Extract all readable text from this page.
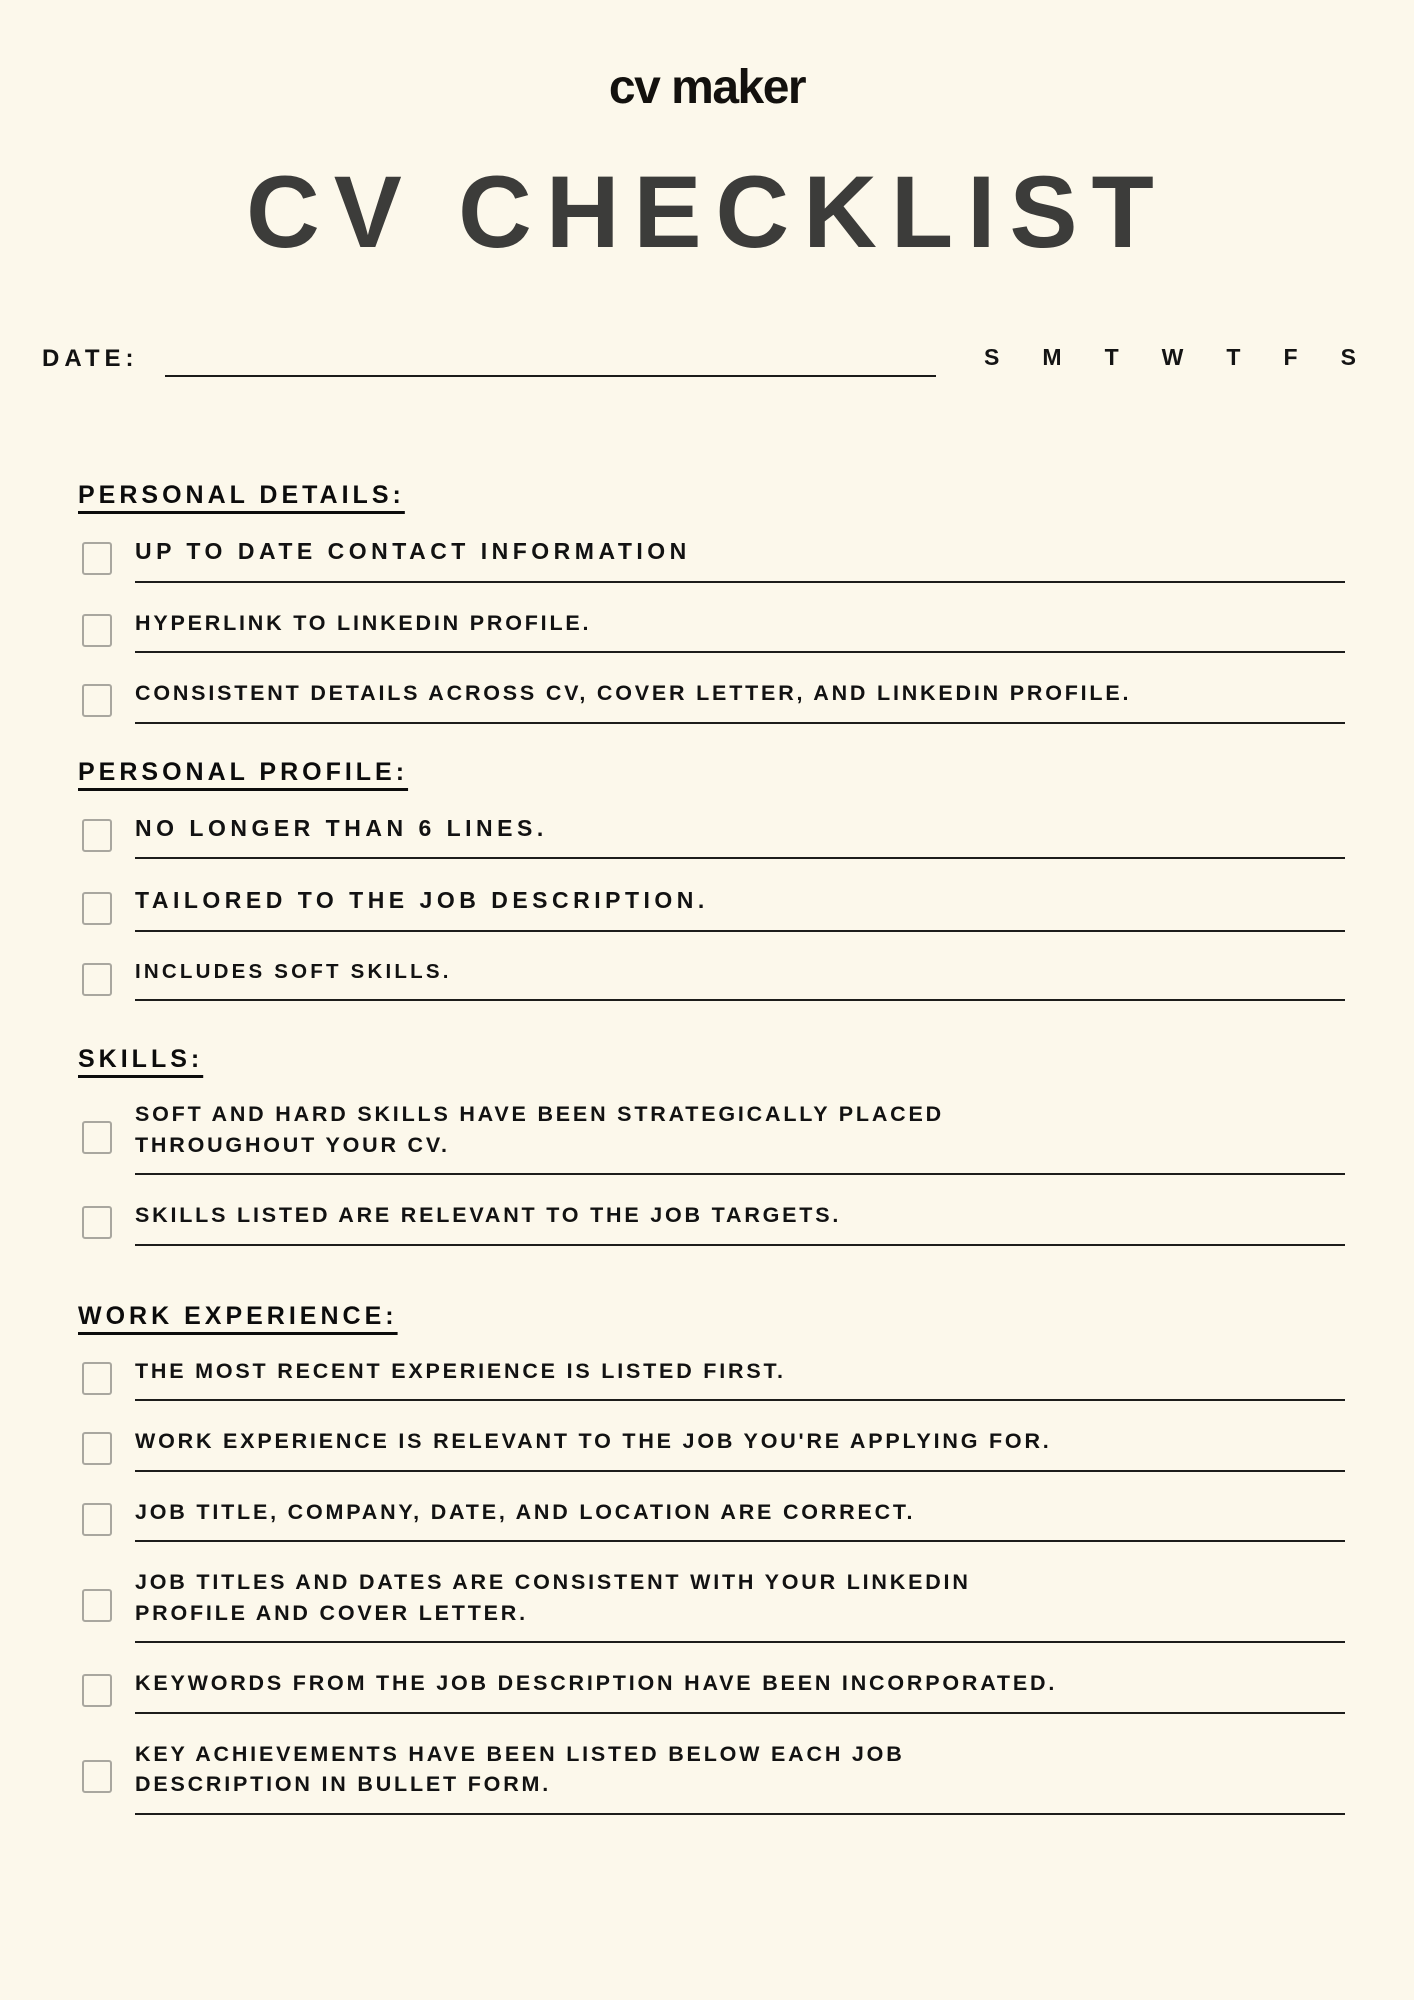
cv maker
CV CHECKLIST
DATE:	S M T W T F S
PERSONAL DETAILS:
UP TO DATE CONTACT INFORMATION
HYPERLINK TO LINKEDIN PROFILE.
CONSISTENT DETAILS ACROSS CV, COVER LETTER, AND LINKEDIN PROFILE.
PERSONAL PROFILE:
NO LONGER THAN 6 LINES.
TAILORED TO THE JOB DESCRIPTION.
INCLUDES SOFT SKILLS.
SKILLS:
SOFT AND HARD SKILLS HAVE BEEN STRATEGICALLY PLACED THROUGHOUT YOUR CV.
SKILLS LISTED ARE RELEVANT TO THE JOB TARGETS.
WORK EXPERIENCE:
THE MOST RECENT EXPERIENCE IS LISTED FIRST.
WORK EXPERIENCE IS RELEVANT TO THE JOB YOU'RE APPLYING FOR.
JOB TITLE, COMPANY, DATE, AND LOCATION ARE CORRECT.
JOB TITLES AND DATES ARE CONSISTENT WITH YOUR LINKEDIN PROFILE AND COVER LETTER.
KEYWORDS FROM THE JOB DESCRIPTION HAVE BEEN INCORPORATED.
KEY ACHIEVEMENTS HAVE BEEN LISTED BELOW EACH JOB DESCRIPTION IN BULLET FORM.
